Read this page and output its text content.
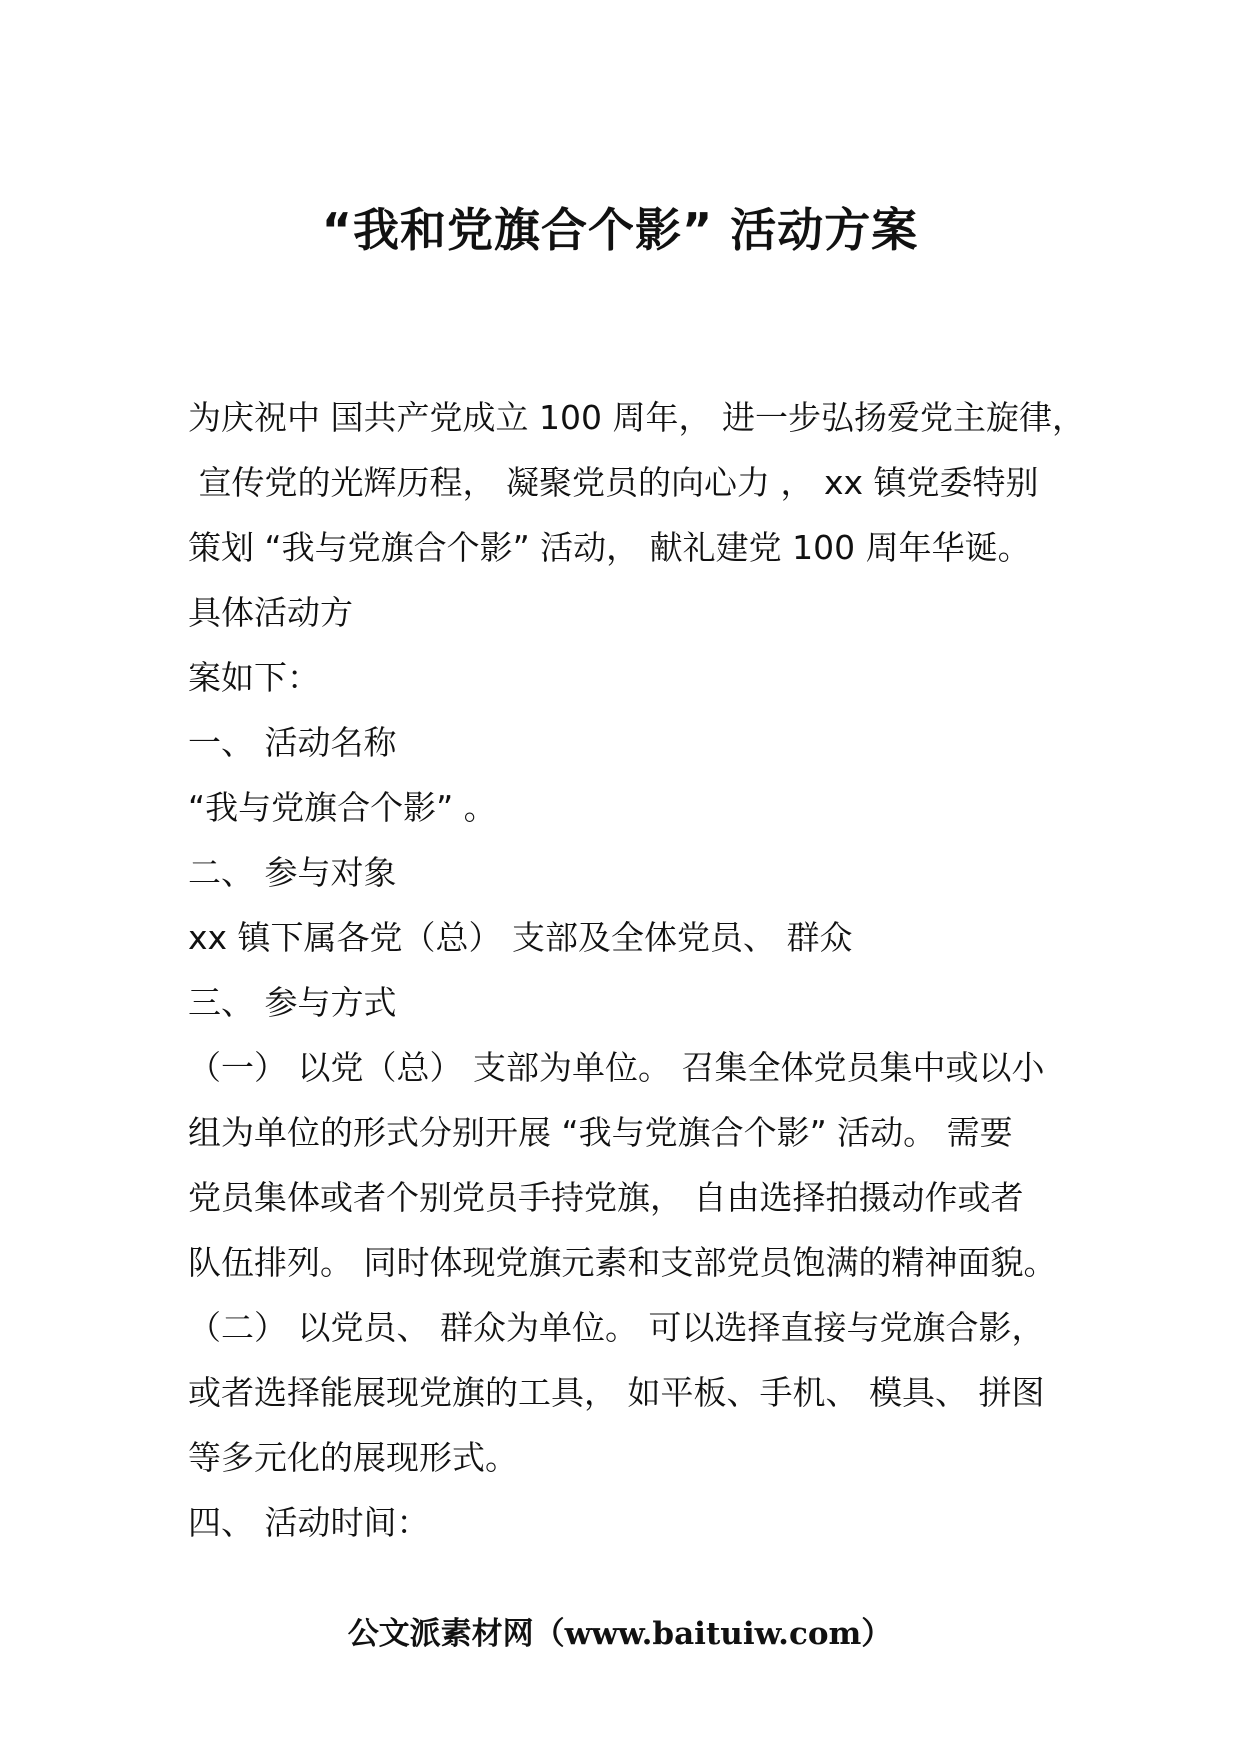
“我和党旗合个影” 活动方案
为庆祝中 国共产党成立 100 周年， 进一步弘扬爱党主旋律，
宣传党的光辉历程， 凝聚党员的向心力 ， xx 镇党委特别
策划 “我与党旗合个影” 活动， 献礼建党 100 周年华诞。
具体活动方
案如下：
一、 活动名称
“我与党旗合个影” 。
二、 参与对象
xx 镇下属各党（总） 支部及全体党员、 群众
三、 参与方式
（一） 以党（总） 支部为单位。 召集全体党员集中或以小
组为单位的形式分别开展 “我与党旗合个影” 活动。 需要
党员集体或者个别党员手持党旗， 自由选择拍摄动作或者
队伍排列。 同时体现党旗元素和支部党员饱满的精神面貌。
（二） 以党员、 群众为单位。 可以选择直接与党旗合影，
或者选择能展现党旗的工具， 如平板、手机、 模具、 拼图
等多元化的展现形式。
四、 活动时间：
公文派素材网（www.baituiw.com）
